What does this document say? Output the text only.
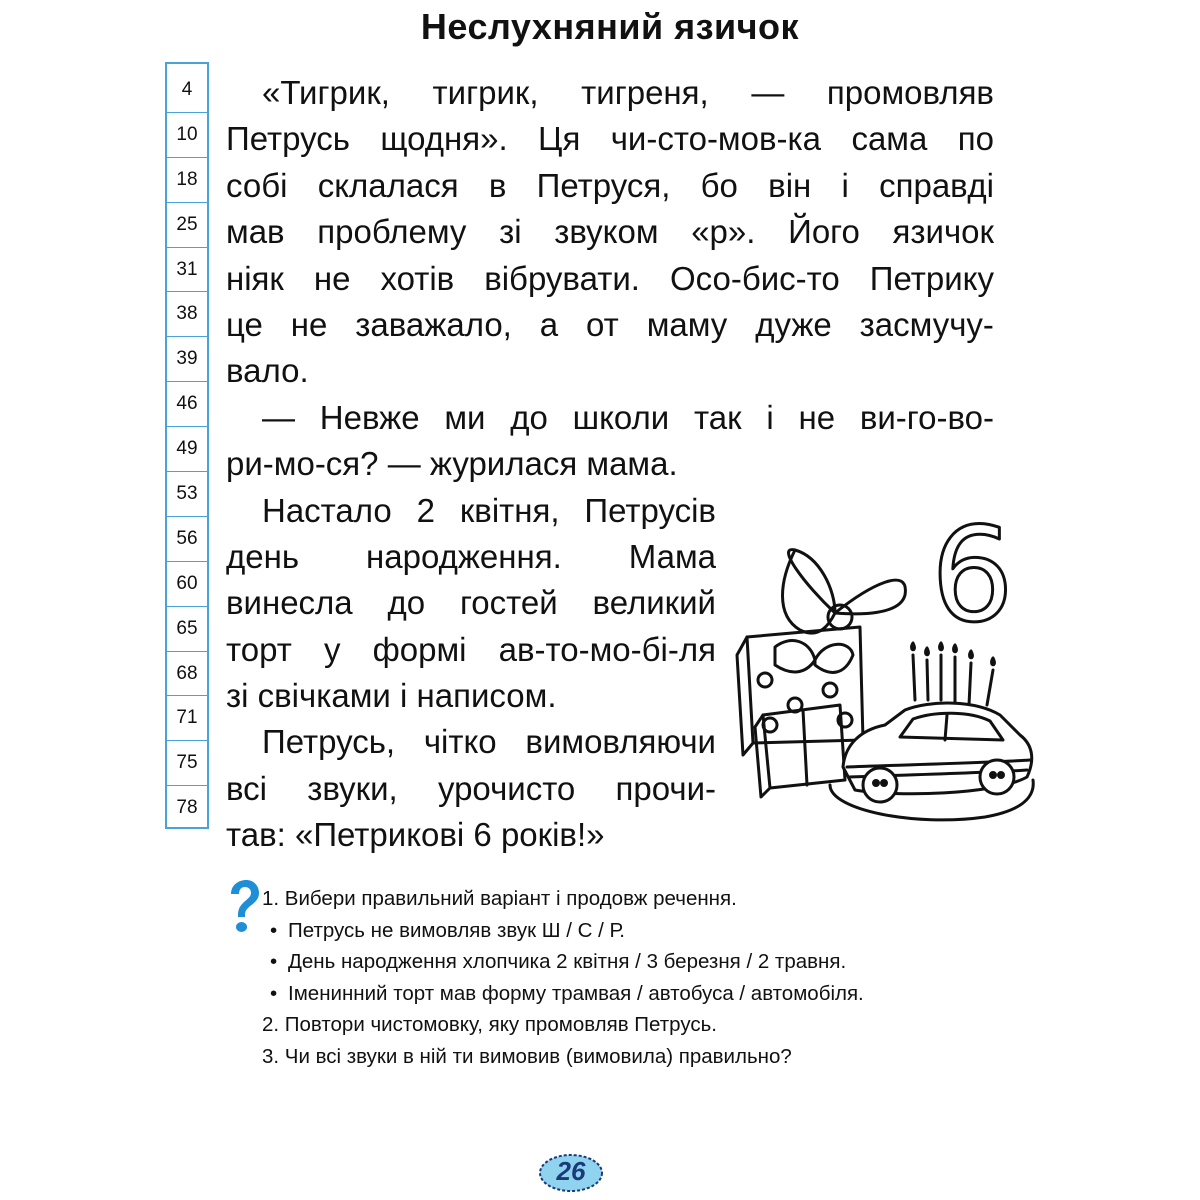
Неслухняний язичок
4
10
18
25
31
38
39
46
49
53
56
60
65
68
71
75
78
«Тигрик, тигрик, тигреня, — промовляв
Петрусь щодня». Ця чи-сто-мов-ка сама по
собі склалася в Петруся, бо він і справді
мав проблему зі звуком «р». Його язичок
ніяк не хотів вібрувати. Осо-бис-то Петрику
це не заважало, а от маму дуже засмучу-
вало.
— Невже ми до школи так і не ви-го-во-
ри-мо-ся? — журилася мама.
Настало 2 квітня, Петрусів
день народження. Мама
винесла до гостей великий
торт у формі ав-то-мо-бі-ля
зі свічками і написом.
Петрусь, чітко вимовляючи
всі звуки, урочисто прочи-
тав: «Петрикові 6 років!»
6
1. Вибери правильний варіант і продовж речення.
• Петрусь не вимовляв звук Ш / С / Р.
• День народження хлопчика 2 квітня / 3 березня / 2 травня.
• Іменинний торт мав форму трамвая / автобуса / автомобіля.
2. Повтори чистомовку, яку промовляв Петрусь.
3. Чи всі звуки в ній ти вимовив (вимовила) правильно?
26
